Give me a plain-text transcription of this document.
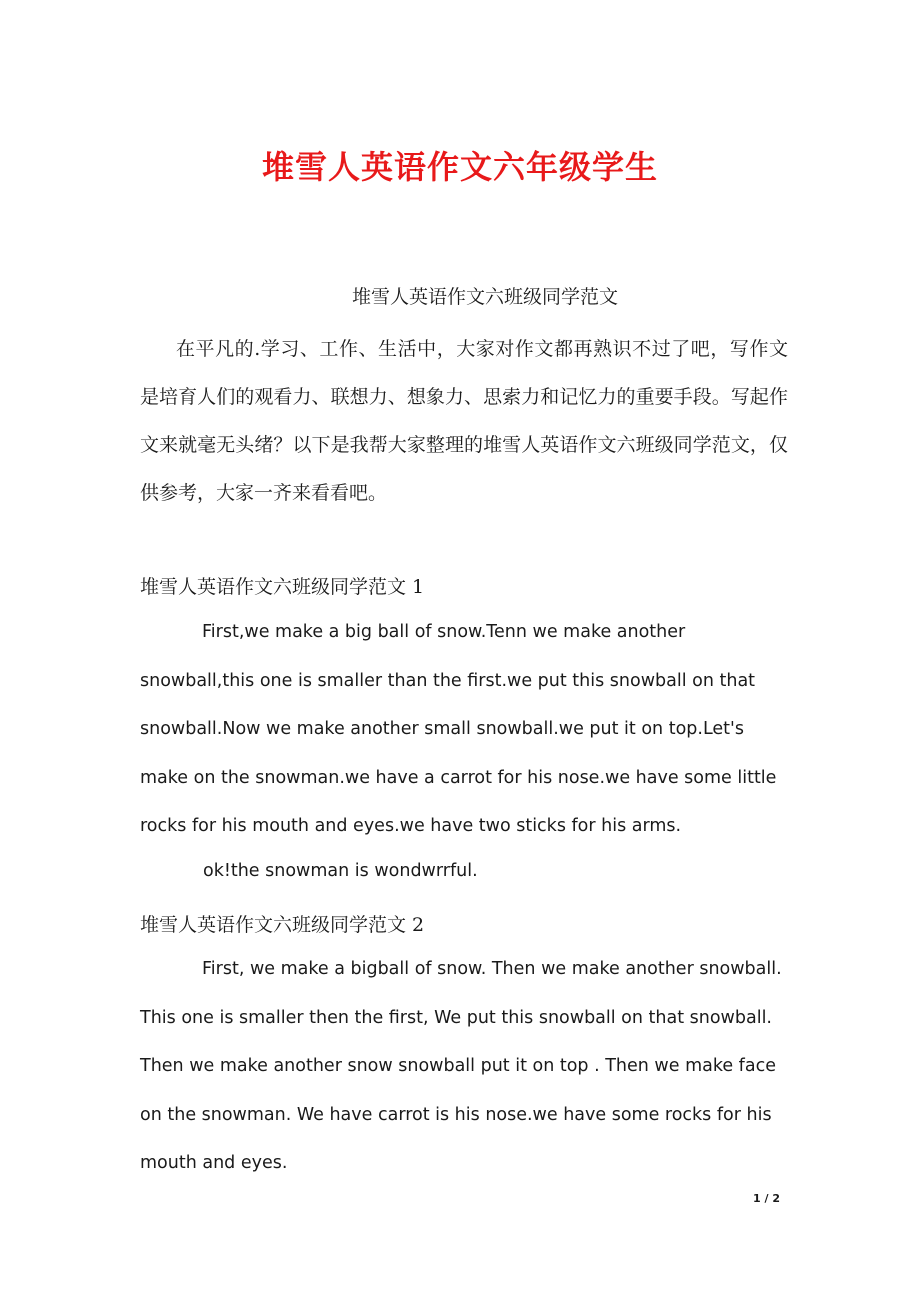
堆雪人英语作文六年级学生
堆雪人英语作文六班级同学范文

在平凡的.学习、工作、生活中，大家对作文都再熟识不过了吧，写作文是培育人们的观看力、联想力、想象力、思索力和记忆力的重要手段。写起作文来就毫无头绪？以下是我帮大家整理的堆雪人英语作文六班级同学范文，仅供参考，大家一齐来看看吧。

堆雪人英语作文六班级同学范文 1

First,we make a big ball of snow.Tenn we make another snowball,this one is smaller than the first.we put this snowball on that snowball.Now we make another small snowball.we put it on top.Let's make on the snowman.we have a carrot for his nose.we have some little rocks for his mouth and eyes.we have two sticks for his arms.

ok!the snowman is wondwrrful.

堆雪人英语作文六班级同学范文 2

First, we make a bigball of snow. Then we make another snowball. This one is smaller then the first, We put this snowball on that snowball. Then we make another snow snowball put it on top . Then we make face on the snowman. We have carrot is his nose.we have some rocks for his mouth and eyes.

1 / 2
